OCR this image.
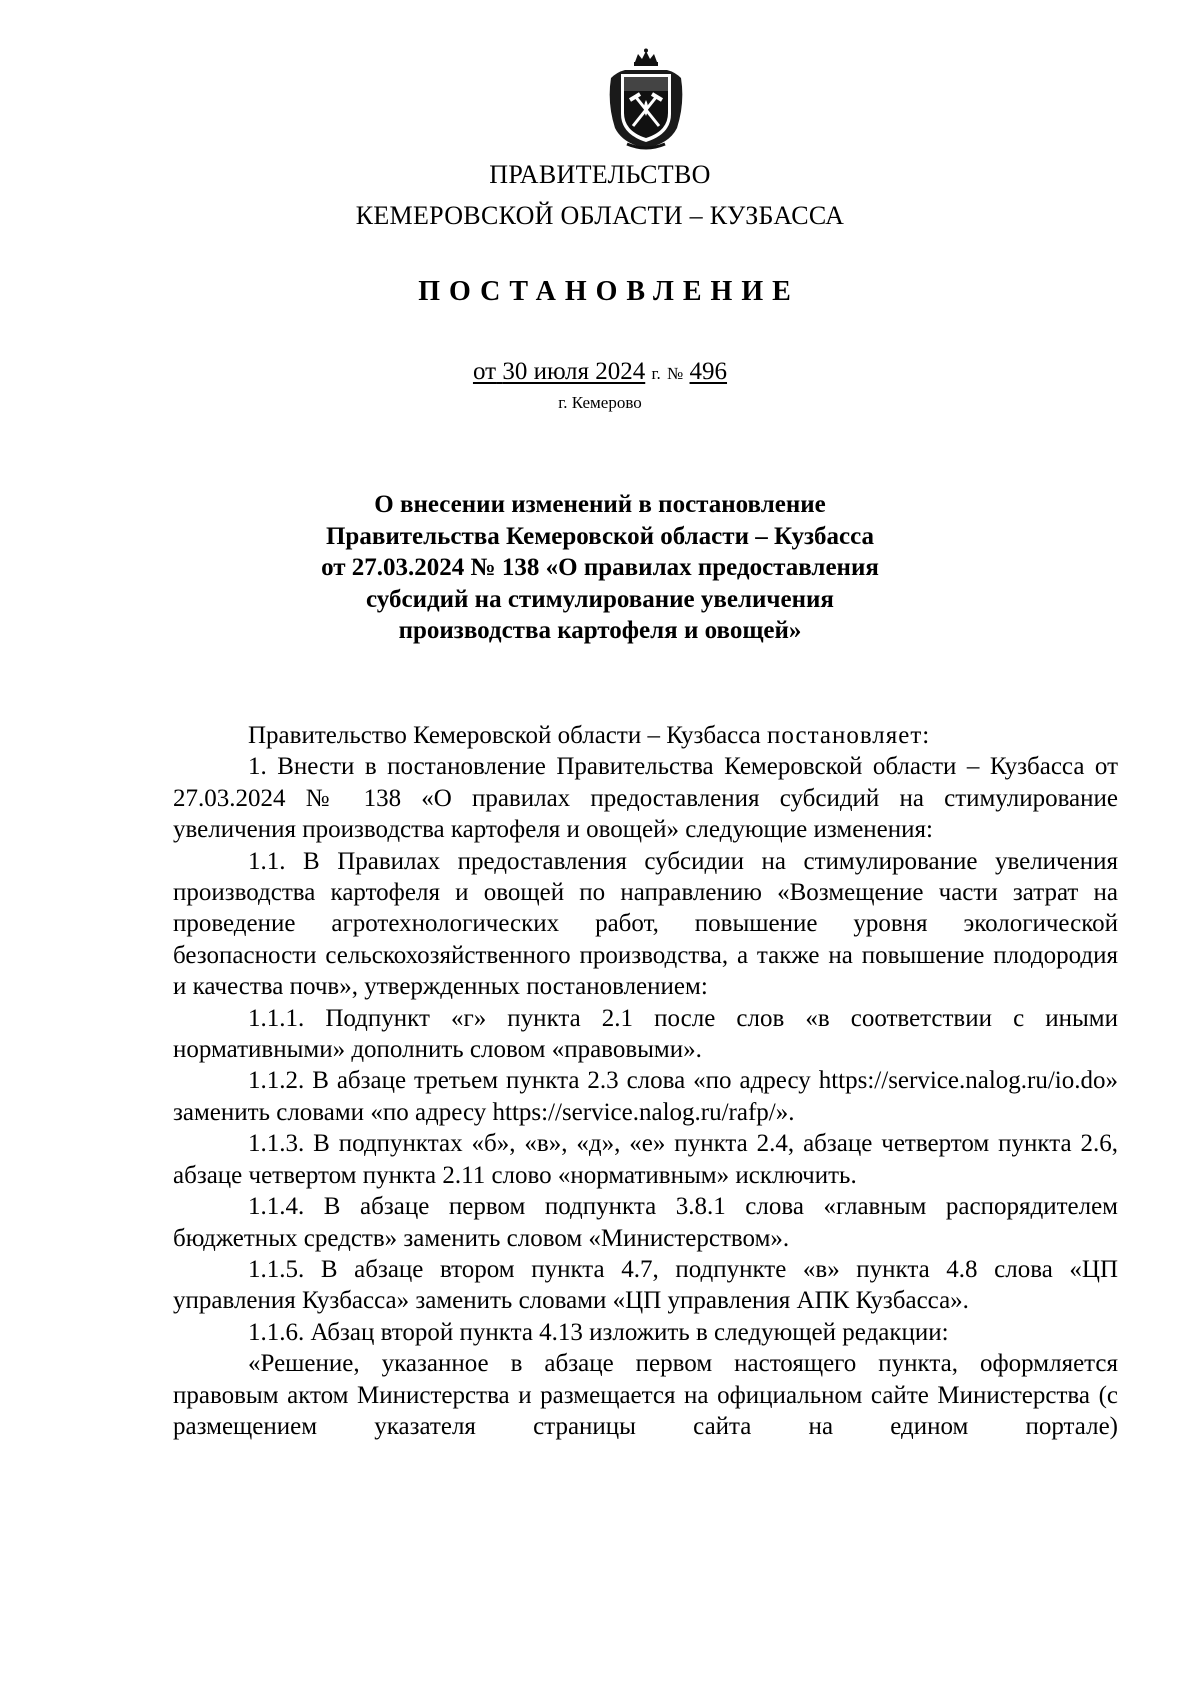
ПРАВИТЕЛЬСТВО
КЕМЕРОВСКОЙ ОБЛАСТИ – КУЗБАССА
ПОСТАНОВЛЕНИЕ
от 30 июля 2024 г. № 496
г. Кемерово
О внесении изменений в постановление
Правительства Кемеровской области – Кузбасса
от 27.03.2024 № 138 «О правилах предоставления
субсидий на стимулирование увеличения
производства картофеля и овощей»

Правительство Кемеровской области – Кузбасса постановляет:

1. Внести в постановление Правительства Кемеровской области – Кузбасса от 27.03.2024 № 138 «О правилах предоставления субсидий на стимулирование увеличения производства картофеля и овощей» следующие изменения:

1.1. В Правилах предоставления субсидии на стимулирование увеличения производства картофеля и овощей по направлению «Возмещение части затрат на проведение агротехнологических работ, повышение уровня экологической безопасности сельскохозяйственного производства, а также на повышение плодородия и качества почв», утвержденных постановлением:

1.1.1. Подпункт «г» пункта 2.1 после слов «в соответствии с иными нормативными» дополнить словом «правовыми».

1.1.2. В абзаце третьем пункта 2.3 слова «по адресу https://service.nalog.ru/io.do» заменить словами «по адресу https://service.nalog.ru/rafp/».

1.1.3. В подпунктах «б», «в», «д», «е» пункта 2.4, абзаце четвертом пункта 2.6, абзаце четвертом пункта 2.11 слово «нормативным» исключить.

1.1.4. В абзаце первом подпункта 3.8.1 слова «главным распорядителем бюджетных средств» заменить словом «Министерством».

1.1.5. В абзаце втором пункта 4.7, подпункте «в» пункта 4.8 слова «ЦП управления Кузбасса» заменить словами «ЦП управления АПК Кузбасса».

1.1.6. Абзац второй пункта 4.13 изложить в следующей редакции:

«Решение, указанное в абзаце первом настоящего пункта, оформляется правовым актом Министерства и размещается на официальном сайте Министерства (с размещением указателя страницы сайта на едином портале)
